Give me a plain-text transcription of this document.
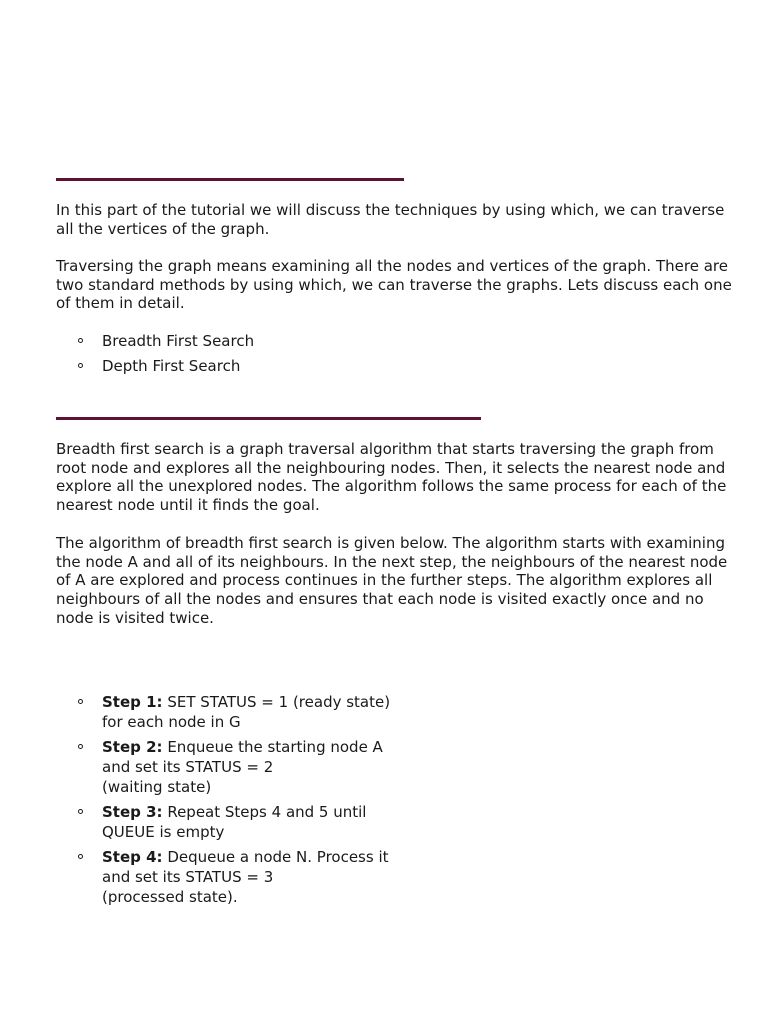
In this part of the tutorial we will discuss the techniques by using which, we can traverse all the vertices of the graph.

Traversing the graph means examining all the nodes and vertices of the graph. There are two standard methods by using which, we can traverse the graphs. Lets discuss each one of them in detail.

Breadth First Search
Depth First Search

Breadth first search is a graph traversal algorithm that starts traversing the graph from root node and explores all the neighbouring nodes. Then, it selects the nearest node and explore all the unexplored nodes. The algorithm follows the same process for each of the nearest node until it finds the goal.

The algorithm of breadth first search is given below. The algorithm starts with examining the node A and all of its neighbours. In the next step, the neighbours of the nearest node of A are explored and process continues in the further steps. The algorithm explores all neighbours of all the nodes and ensures that each node is visited exactly once and no node is visited twice.

Step 1: SET STATUS = 1 (ready state)
for each node in G
Step 2: Enqueue the starting node A
and set its STATUS = 2
(waiting state)
Step 3: Repeat Steps 4 and 5 until
QUEUE is empty
Step 4: Dequeue a node N. Process it
and set its STATUS = 3
(processed state).
